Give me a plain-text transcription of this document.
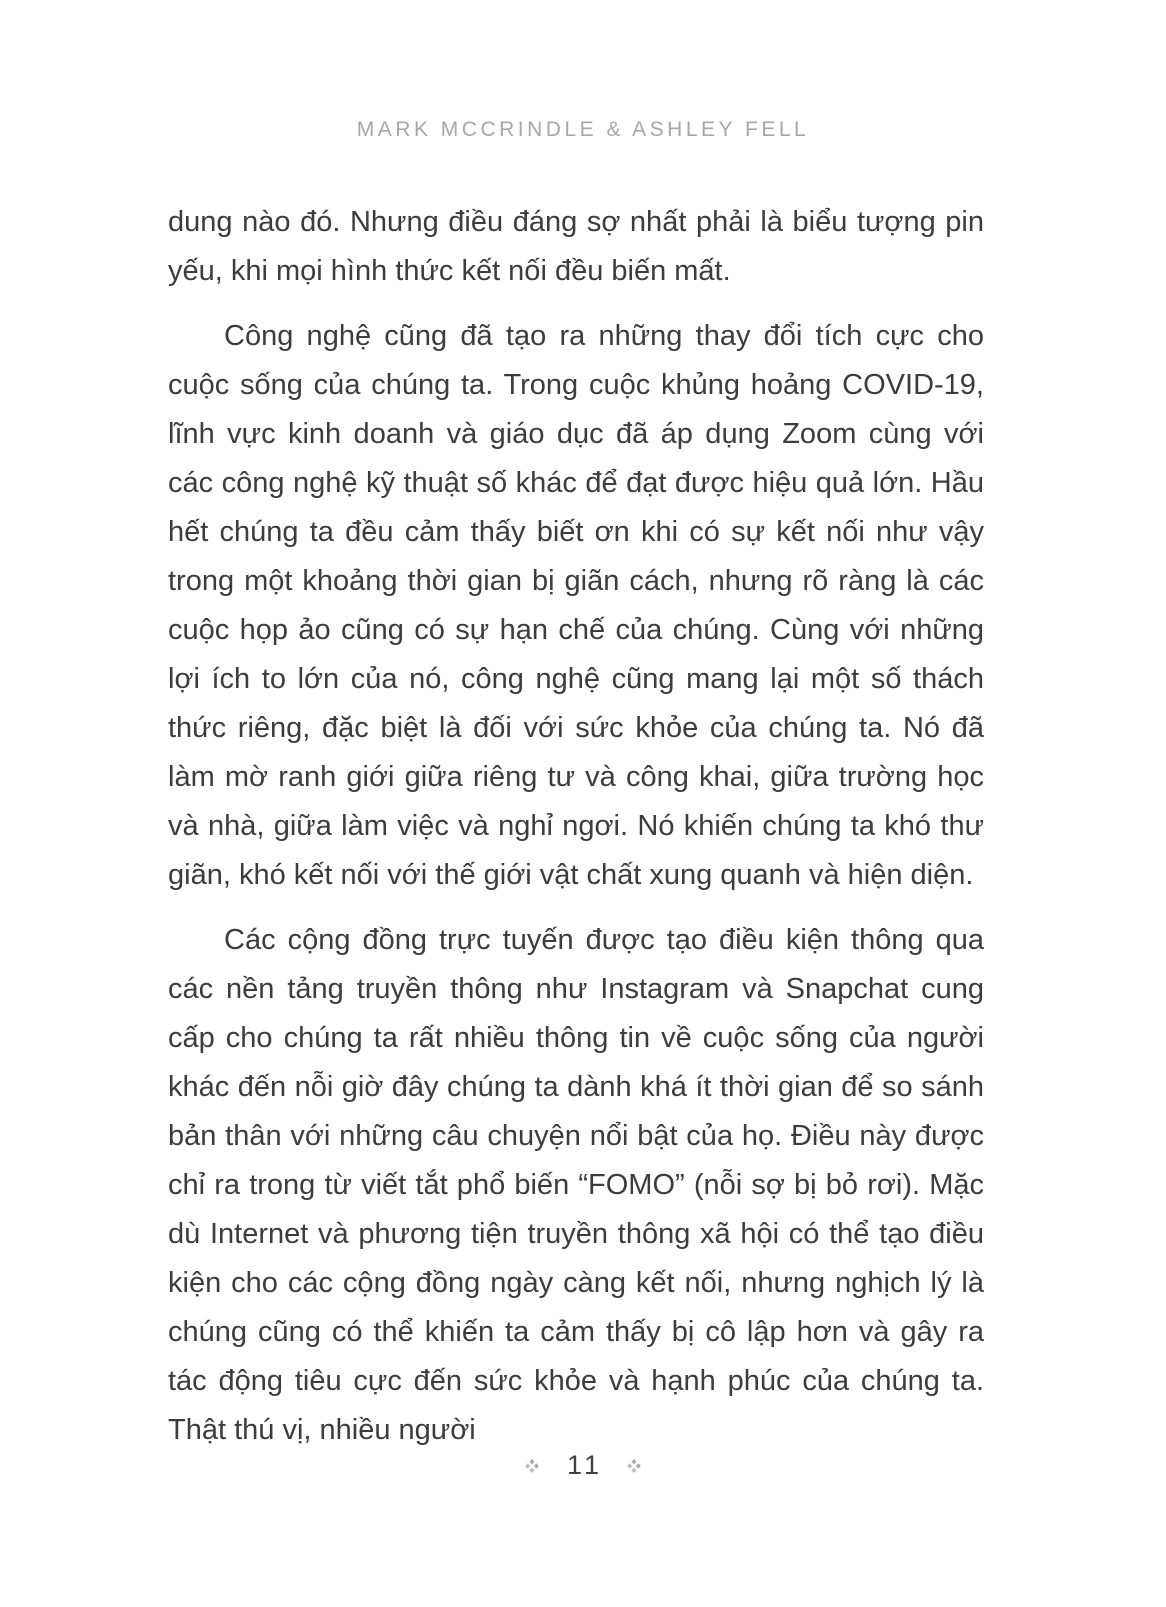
MARK MCCRINDLE & ASHLEY FELL

dung nào đó. Nhưng điều đáng sợ nhất phải là biểu tượng pin yếu, khi mọi hình thức kết nối đều biến mất.

Công nghệ cũng đã tạo ra những thay đổi tích cực cho cuộc sống của chúng ta. Trong cuộc khủng hoảng COVID-19, lĩnh vực kinh doanh và giáo dục đã áp dụng Zoom cùng với các công nghệ kỹ thuật số khác để đạt được hiệu quả lớn. Hầu hết chúng ta đều cảm thấy biết ơn khi có sự kết nối như vậy trong một khoảng thời gian bị giãn cách, nhưng rõ ràng là các cuộc họp ảo cũng có sự hạn chế của chúng. Cùng với những lợi ích to lớn của nó, công nghệ cũng mang lại một số thách thức riêng, đặc biệt là đối với sức khỏe của chúng ta. Nó đã làm mờ ranh giới giữa riêng tư và công khai, giữa trường học và nhà, giữa làm việc và nghỉ ngơi. Nó khiến chúng ta khó thư giãn, khó kết nối với thế giới vật chất xung quanh và hiện diện.

Các cộng đồng trực tuyến được tạo điều kiện thông qua các nền tảng truyền thông như Instagram và Snapchat cung cấp cho chúng ta rất nhiều thông tin về cuộc sống của người khác đến nỗi giờ đây chúng ta dành khá ít thời gian để so sánh bản thân với những câu chuyện nổi bật của họ. Điều này được chỉ ra trong từ viết tắt phổ biến “FOMO” (nỗi sợ bị bỏ rơi). Mặc dù Internet và phương tiện truyền thông xã hội có thể tạo điều kiện cho các cộng đồng ngày càng kết nối, nhưng nghịch lý là chúng cũng có thể khiến ta cảm thấy bị cô lập hơn và gây ra tác động tiêu cực đến sức khỏe và hạnh phúc của chúng ta. Thật thú vị, nhiều người

11
